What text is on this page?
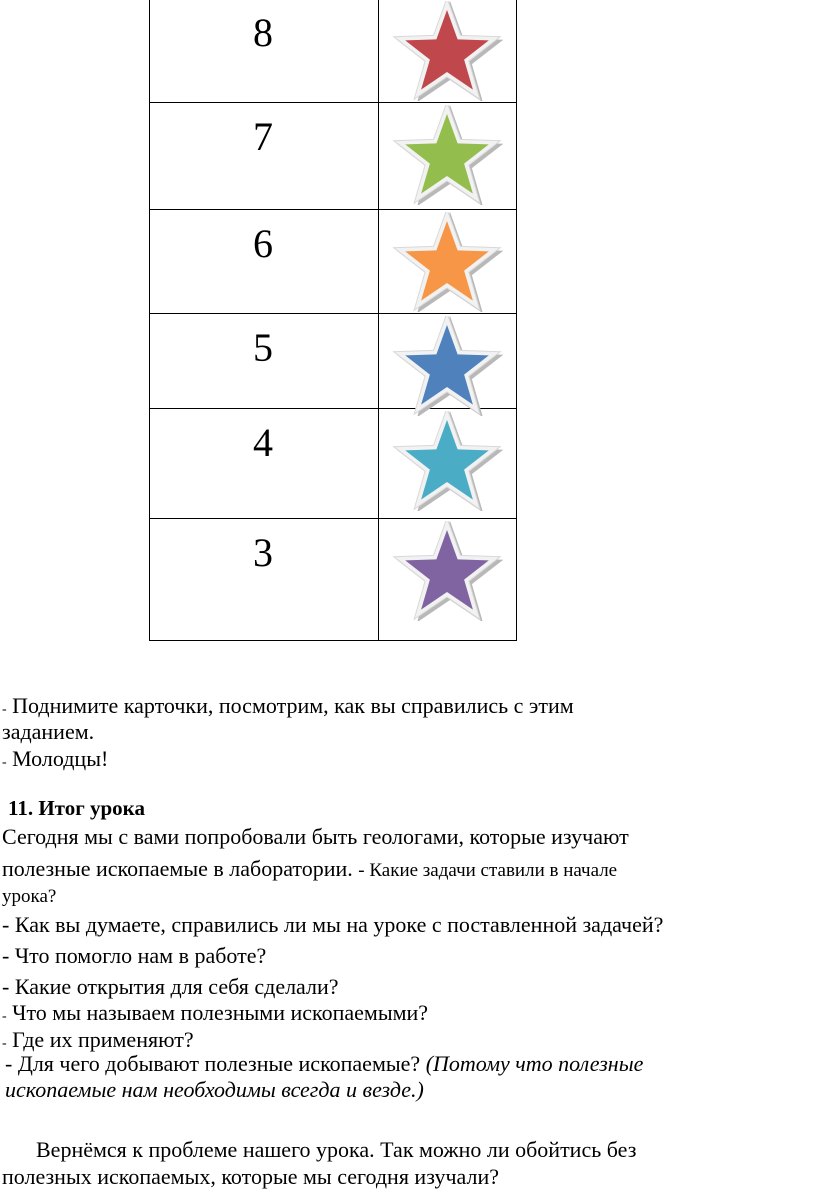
8

7

6

5

4

3

- Поднимите карточки, посмотрим, как вы справились с этим
заданием.
- Молодцы!
11. Итог урока
Сегодня мы с вами попробовали быть геологами, которые изучают
полезные ископаемые в лаборатории. - Какие задачи ставили в начале
урока?
- Как вы думаете, справились ли мы на уроке с поставленной задачей?
- Что помогло нам в работе?
- Какие открытия для себя сделали?
- Что мы называем полезными ископаемыми?
- Где их применяют?
- Для чего добывают полезные ископаемые? (Потому что полезные
ископаемые нам необходимы всегда и везде.)
Вернёмся к проблеме нашего урока. Так можно ли обойтись без
полезных ископаемых, которые мы сегодня изучали?
